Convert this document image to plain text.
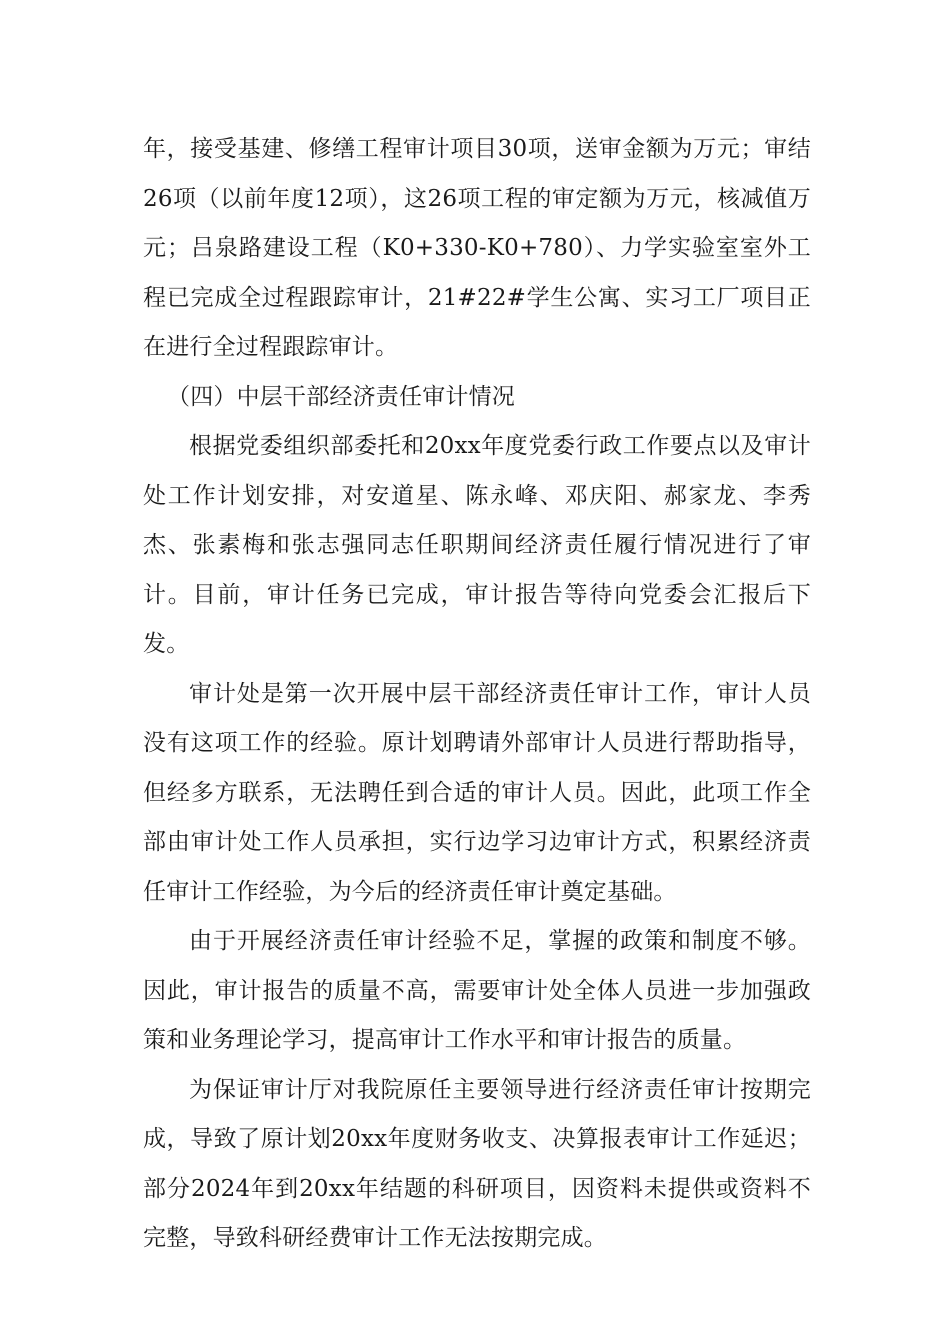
年，接受基建、修缮工程审计项目30项，送审金额为万元；审结26项（以前年度12项），这26项工程的审定额为万元，核减值万元；吕泉路建设工程（K0+330-K0+780）、力学实验室室外工程已完成全过程跟踪审计，21#22#学生公寓、实习工厂项目正在进行全过程跟踪审计。

（四）中层干部经济责任审计情况

根据党委组织部委托和20xx年度党委行政工作要点以及审计处工作计划安排，对安道星、陈永峰、邓庆阳、郝家龙、李秀杰、张素梅和张志强同志任职期间经济责任履行情况进行了审计。目前，审计任务已完成，审计报告等待向党委会汇报后下发。

审计处是第一次开展中层干部经济责任审计工作，审计人员没有这项工作的经验。原计划聘请外部审计人员进行帮助指导，但经多方联系，无法聘任到合适的审计人员。因此，此项工作全部由审计处工作人员承担，实行边学习边审计方式，积累经济责任审计工作经验，为今后的经济责任审计奠定基础。

由于开展经济责任审计经验不足，掌握的政策和制度不够。因此，审计报告的质量不高，需要审计处全体人员进一步加强政策和业务理论学习，提高审计工作水平和审计报告的质量。

为保证审计厅对我院原任主要领导进行经济责任审计按期完成，导致了原计划20xx年度财务收支、决算报表审计工作延迟；部分2024年到20xx年结题的科研项目，因资料未提供或资料不完整，导致科研经费审计工作无法按期完成。
